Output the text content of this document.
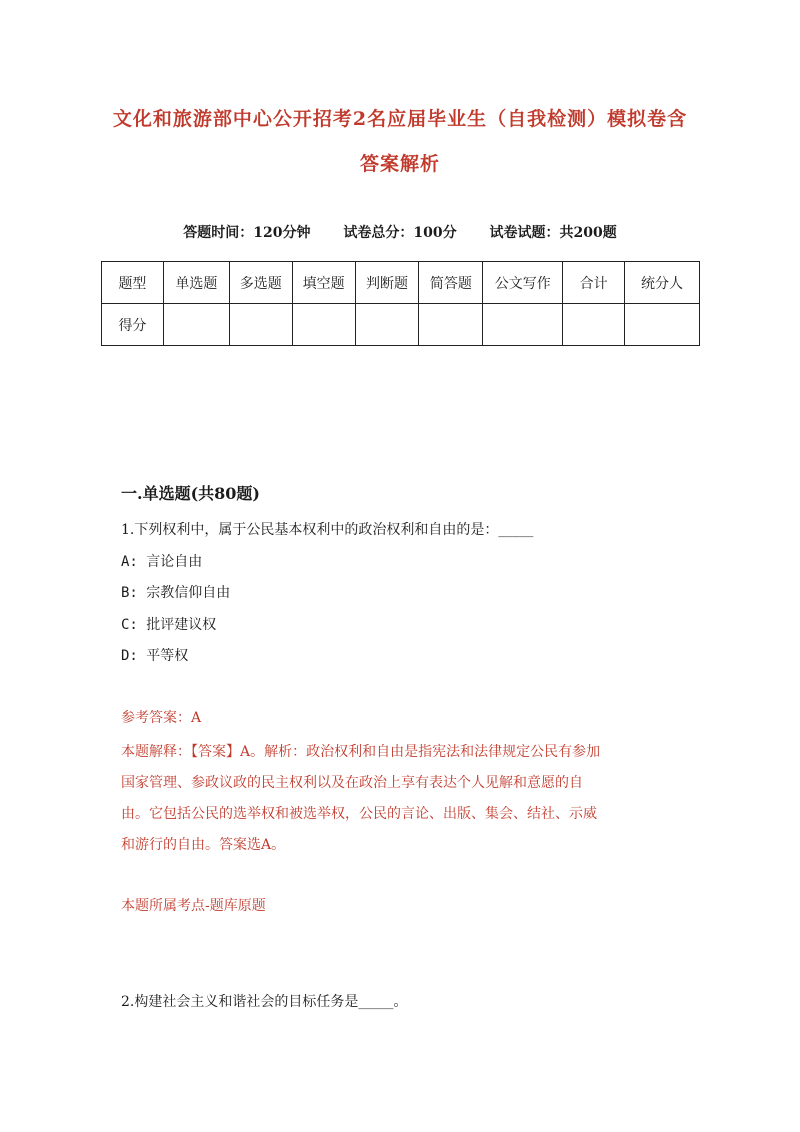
文化和旅游部中心公开招考2名应届毕业生（自我检测）模拟卷含
答案解析
答题时间：120分钟 试卷总分：100分 试卷试题：共200题
题型	单选题	多选题	填空题	判断题	简答题	公文写作	合计	统分人
得分								
一.单选题(共80题)
1.下列权利中，属于公民基本权利中的政治权利和自由的是：_____
A: 言论自由
B: 宗教信仰自由
C: 批评建议权
D: 平等权
参考答案：A
本题解释：【答案】A。解析：政治权利和自由是指宪法和法律规定公民有参加
国家管理、参政议政的民主权利以及在政治上享有表达个人见解和意愿的自
由。它包括公民的选举权和被选举权，公民的言论、出版、集会、结社、示威
和游行的自由。答案选A。
本题所属考点-题库原题
2.构建社会主义和谐社会的目标任务是_____。
